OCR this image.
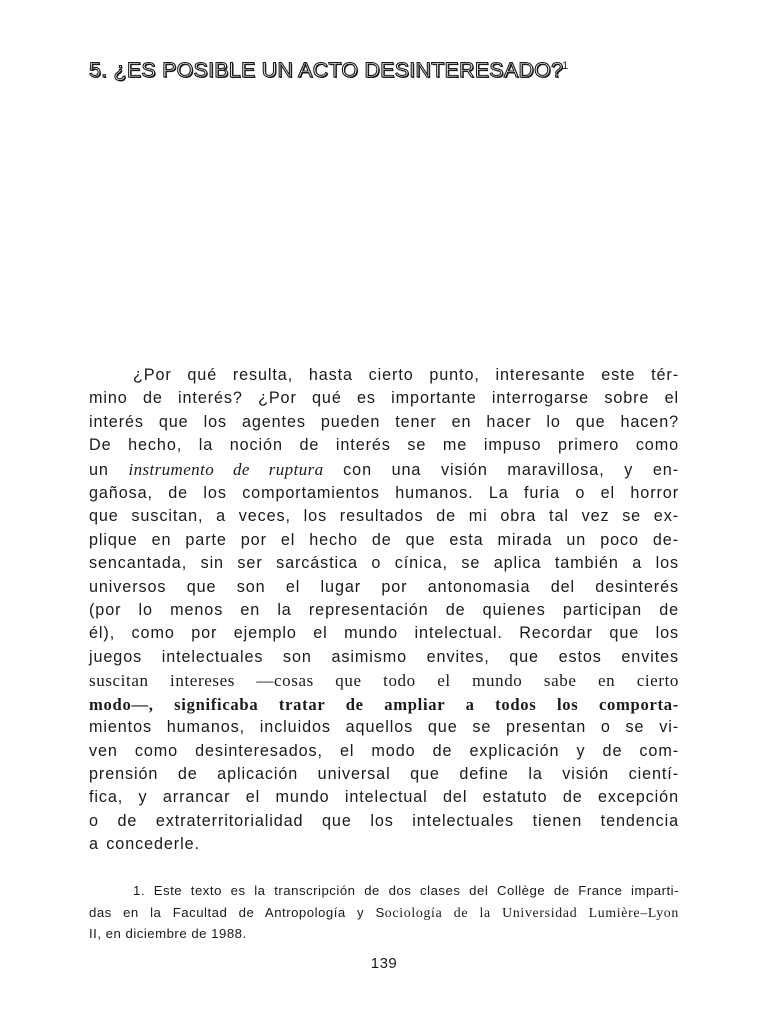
5. ¿ES POSIBLE UN ACTO DESINTERESADO?$^1$
¿Por qué resulta, hasta cierto punto, interesante este tér-
mino de interés? ¿Por qué es importante interrogarse sobre el
interés que los agentes pueden tener en hacer lo que hacen?
De hecho, la noción de interés se me impuso primero como
un instrumento de ruptura con una visión maravillosa, y en-
gañosa, de los comportamientos humanos. La furia o el horror
que suscitan, a veces, los resultados de mi obra tal vez se ex-
plique en parte por el hecho de que esta mirada un poco de-
sencantada, sin ser sarcástica o cínica, se aplica también a los
universos que son el lugar por antonomasia del desinterés
(por lo menos en la representación de quienes participan de
él), como por ejemplo el mundo intelectual. Recordar que los
juegos intelectuales son asimismo envites, que estos envites
suscitan intereses —cosas que todo el mundo sabe en cierto
modo—, significaba tratar de ampliar a todos los comporta-
mientos humanos, incluidos aquellos que se presentan o se vi-
ven como desinteresados, el modo de explicación y de com-
prensión de aplicación universal que define la visión cientí-
fica, y arrancar el mundo intelectual del estatuto de excepción
o de extraterritorialidad que los intelectuales tienen tendencia
a concederle.
1. Este texto es la transcripción de dos clases del Collège de France imparti-
das en la Facultad de Antropología y Sociología de la Universidad Lumière–Lyon
II, en diciembre de 1988.
139
